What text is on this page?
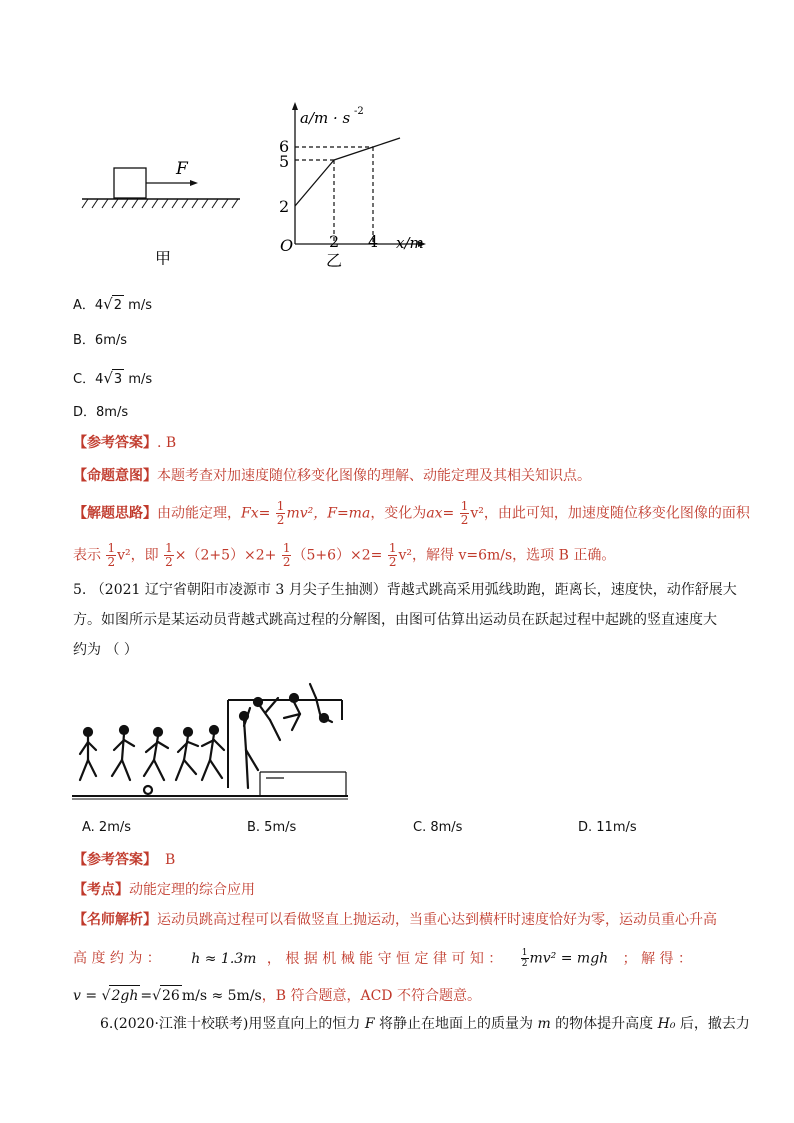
F
甲
a/m · s -2
6
5
2
O 2 4 x/m
乙
A．4√2 m/s
B．6m/s
C．4√3 m/s
D．8m/s
【参考答案】. B
【命题意图】本题考查对加速度随位移变化图像的理解、动能定理及其相关知识点。
【解题思路】由动能定理，$Fx= \frac{1}{2} mv^2$，F=ma，变化为$ax= \frac{1}{2} v^2$，由此可知，加速度随位移变化图像的面积
表示 $\frac{1}{2} v^2$，即 $\frac{1}{2} \times(2+5)\times 2+ \frac{1}{2} (5+6)\times 2= \frac{1}{2} v^2$，解得 v=6m/s，选项 B 正确。
5. （2021 辽宁省朝阳市凌源市 3 月尖子生抽测）背越式跳高采用弧线助跑，距离长，速度快，动作舒展大
方。如图所示是某运动员背越式跳高过程的分解图，由图可估算出运动员在跃起过程中起跳的竖直速度大
约为 （ ）
A. 2m/s	B. 5m/s	C. 8m/s	D. 11m/s
【参考答案】 B
【考点】动能定理的综合应用
【名师解析】运动员跳高过程可以看做竖直上抛运动，当重心达到横杆时速度恰好为零，运动员重心升高
高 度 约 为 ： h ≈ 1.3m ， 根 据 机 械 能 守 恒 定 律 可 知 ： $\frac{1}{2} mv^2$ = mgh ； 解 得 ：
v = √2gh =√26 m/s ≈ 5m/s，B 符合题意，ACD 不符合题意。
6.(2020·江淮十校联考)用竖直向上的恒力 F 将静止在地面上的质量为 m 的物体提升高度 H₀ 后，撤去力
